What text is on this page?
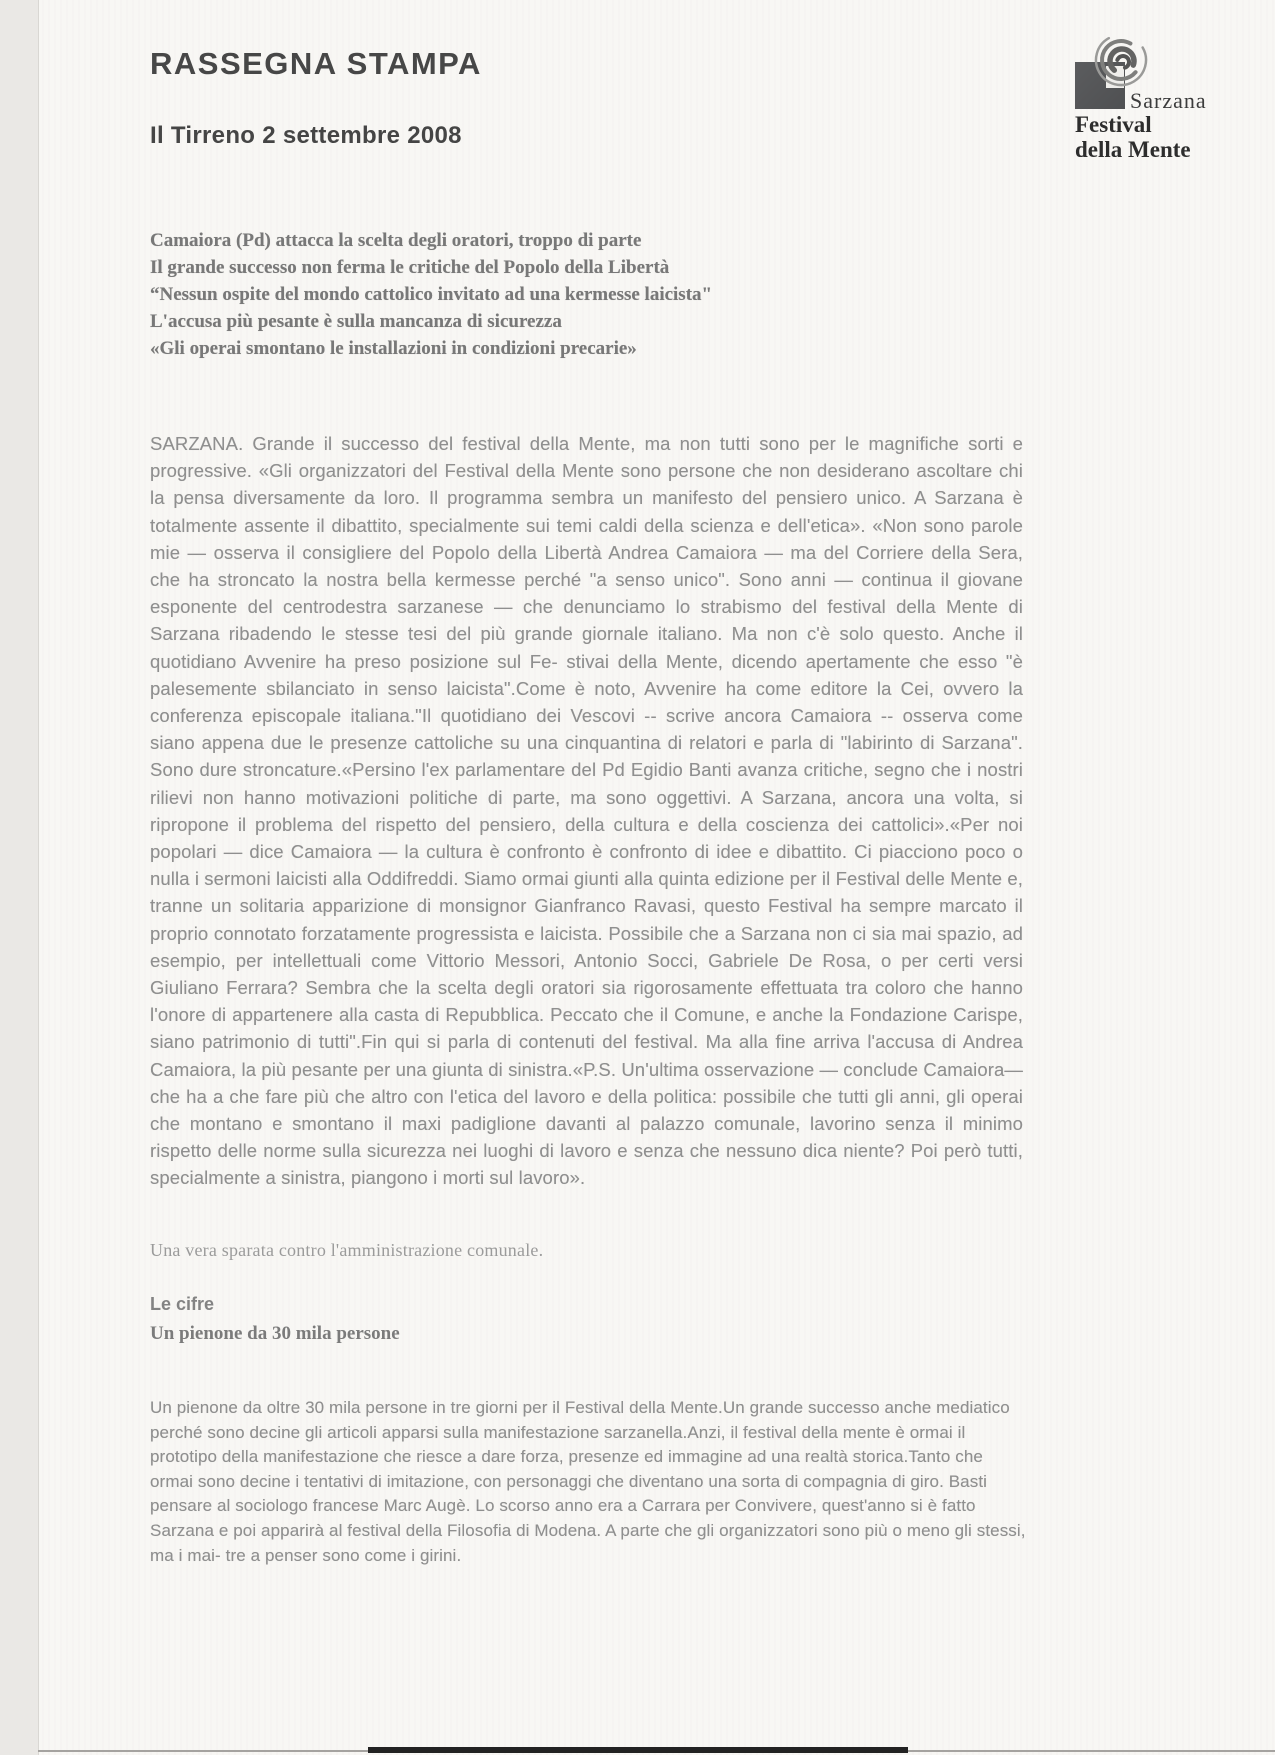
RASSEGNA STAMPA
Il Tirreno 2 settembre 2008
Sarzana
Festival
della Mente
Camaiora (Pd) attacca la scelta degli oratori, troppo di parte
Il grande successo non ferma le critiche del Popolo della Libertà
“Nessun ospite del mondo cattolico invitato ad una kermesse laicista"
L'accusa più pesante è sulla mancanza di sicurezza
«Gli operai smontano le installazioni in condizioni precarie»
SARZANA. Grande il successo del festival della Mente, ma non tutti sono per le magnifiche sorti e progressive. «Gli organizzatori del Festival della Mente sono persone che non desiderano ascoltare chi la pensa diversamente da loro. Il programma sembra un manifesto del pensiero unico. A Sarzana è totalmente assente il dibattito, specialmente sui temi caldi della scienza e dell'etica». «Non sono parole mie — osserva il consigliere del Popolo della Libertà Andrea Camaiora — ma del Corriere della Sera, che ha stroncato la nostra bella kermesse perché "a senso unico". Sono anni — continua il giovane esponente del centrodestra sarzanese — che denunciamo lo strabismo del festival della Mente di Sarzana ribadendo le stesse tesi del più grande giornale italiano. Ma non c'è solo questo. Anche il quotidiano Avvenire ha preso posizione sul Fe- stivai della Mente, dicendo apertamente che esso "è palesemente sbilanciato in senso laicista".Come è noto, Avvenire ha come editore la Cei, ovvero la conferenza episcopale italiana."Il quotidiano dei Vescovi -- scrive ancora Camaiora -- osserva come siano appena due le presenze cattoliche su una cinquantina di relatori e parla di "labirinto di Sarzana". Sono dure stroncature.«Persino l'ex parlamentare del Pd Egidio Banti avanza critiche, segno che i nostri rilievi non hanno motivazioni politiche di parte, ma sono oggettivi. A Sarzana, ancora una volta, si ripropone il problema del rispetto del pensiero, della cultura e della coscienza dei cattolici».«Per noi popolari — dice Camaiora — la cultura è confronto è confronto di idee e dibattito. Ci piacciono poco o nulla i sermoni laicisti alla Oddifreddi. Siamo ormai giunti alla quinta edizione per il Festival delle Mente e, tranne un solitaria apparizione di monsignor Gianfranco Ravasi, questo Festival ha sempre marcato il proprio connotato forzatamente progressista e laicista. Possibile che a Sarzana non ci sia mai spazio, ad esempio, per intellettuali come Vittorio Messori, Antonio Socci, Gabriele De Rosa, o per certi versi Giuliano Ferrara? Sembra che la scelta degli oratori sia rigorosamente effettuata tra coloro che hanno l'onore di appartenere alla casta di Repubblica. Peccato che il Comune, e anche la Fondazione Carispe, siano patrimonio di tutti".Fin qui si parla di contenuti del festival. Ma alla fine arriva l'accusa di Andrea Camaiora, la più pesante per una giunta di sinistra.«P.S. Un'ultima osservazione — conclude Camaiora— che ha a che fare più che altro con l'etica del lavoro e della politica: possibile che tutti gli anni, gli operai che montano e smontano il maxi padiglione davanti al palazzo comunale, lavorino senza il minimo rispetto delle norme sulla sicurezza nei luoghi di lavoro e senza che nessuno dica niente? Poi però tutti, specialmente a sinistra, piangono i morti sul lavoro».
Una vera sparata contro l'amministrazione comunale.
Le cifre
Un pienone da 30 mila persone
Un pienone da oltre 30 mila persone in tre giorni per il Festival della Mente.Un grande successo anche mediatico perché sono decine gli articoli apparsi sulla manifestazione sarzanella.Anzi, il festival della mente è ormai il prototipo della manifestazione che riesce a dare forza, presenze ed immagine ad una realtà storica.Tanto che ormai sono decine i tentativi di imitazione, con personaggi che diventano una sorta di compagnia di giro. Basti pensare al sociologo francese Marc Augè. Lo scorso anno era a Carrara per Convivere, quest'anno si è fatto Sarzana e poi apparirà al festival della Filosofia di Modena. A parte che gli organizzatori sono più o meno gli stessi, ma i mai- tre a penser sono come i girini.
